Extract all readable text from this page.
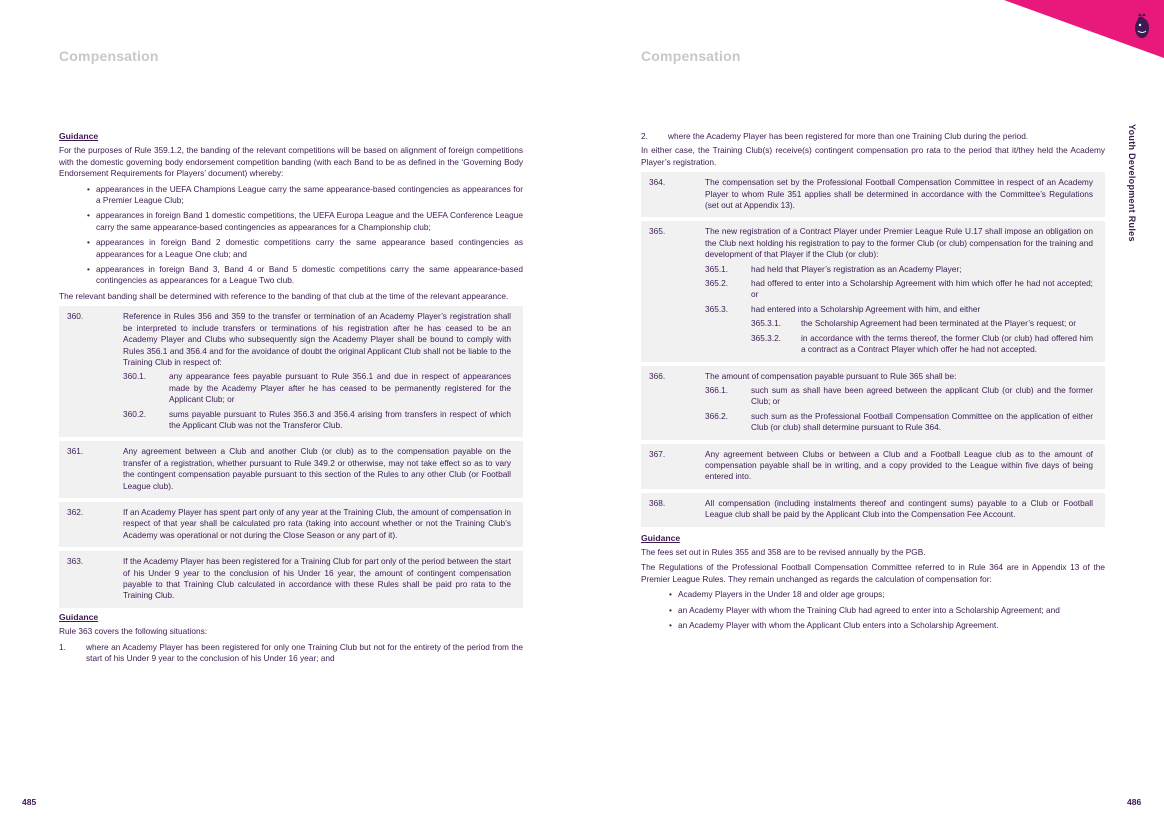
Compensation
Guidance
For the purposes of Rule 359.1.2, the banding of the relevant competitions will be based on alignment of foreign competitions with the domestic governing body endorsement competition banding (with each Band to be as defined in the ‘Governing Body Endorsement Requirements for Players’ document) whereby:
• appearances in the UEFA Champions League carry the same appearance-based contingencies as appearances for a Premier League Club;
• appearances in foreign Band 1 domestic competitions, the UEFA Europa League and the UEFA Conference League carry the same appearance-based contingencies as appearances for a Championship club;
• appearances in foreign Band 2 domestic competitions carry the same appearance based contingencies as appearances for a League One club; and
• appearances in foreign Band 3, Band 4 or Band 5 domestic competitions carry the same appearance-based contingencies as appearances for a League Two club.
The relevant banding shall be determined with reference to the banding of that club at the time of the relevant appearance.
360.	Reference in Rules 356 and 359 to the transfer or termination of an Academy Player’s registration shall be interpreted to include transfers or terminations of his registration after he has ceased to be an Academy Player and Clubs who subsequently sign the Academy Player shall be bound to comply with Rules 356.1 and 356.4 and for the avoidance of doubt the original Applicant Club shall not be liable to the Training Club in respect of:
360.1.	any appearance fees payable pursuant to Rule 356.1 and due in respect of appearances made by the Academy Player after he has ceased to be permanently registered for the Applicant Club; or
360.2.	sums payable pursuant to Rules 356.3 and 356.4 arising from transfers in respect of which the Applicant Club was not the Transferor Club.
361.	Any agreement between a Club and another Club (or club) as to the compensation payable on the transfer of a registration, whether pursuant to Rule 349.2 or otherwise, may not take effect so as to vary the contingent compensation payable pursuant to this section of the Rules to any other Club (or Football League club).
362.	If an Academy Player has spent part only of any year at the Training Club, the amount of compensation in respect of that year shall be calculated pro rata (taking into account whether or not the Training Club’s Academy was operational or not during the Close Season or any part of it).
363.	If the Academy Player has been registered for a Training Club for part only of the period between the start of his Under 9 year to the conclusion of his Under 16 year, the amount of contingent compensation payable to that Training Club calculated in accordance with these Rules shall be paid pro rata to the Training Club.
Guidance
Rule 363 covers the following situations:
1.	where an Academy Player has been registered for only one Training Club but not for the entirety of the period from the start of his Under 9 year to the conclusion of his Under 16 year; and
485
Compensation
2.	where the Academy Player has been registered for more than one Training Club during the period.
In either case, the Training Club(s) receive(s) contingent compensation pro rata to the period that it/they held the Academy Player’s registration.
364.	The compensation set by the Professional Football Compensation Committee in respect of an Academy Player to whom Rule 351 applies shall be determined in accordance with the Committee’s Regulations (set out at Appendix 13).
365.	The new registration of a Contract Player under Premier League Rule U.17 shall impose an obligation on the Club next holding his registration to pay to the former Club (or club) compensation for the training and development of that Player if the Club (or club):
365.1.	had held that Player’s registration as an Academy Player;
365.2.	had offered to enter into a Scholarship Agreement with him which offer he had not accepted; or
365.3.	had entered into a Scholarship Agreement with him, and either
365.3.1.	the Scholarship Agreement had been terminated at the Player’s request; or
365.3.2.	in accordance with the terms thereof, the former Club (or club) had offered him a contract as a Contract Player which offer he had not accepted.
366.	The amount of compensation payable pursuant to Rule 365 shall be:
366.1.	such sum as shall have been agreed between the applicant Club (or club) and the former Club; or
366.2.	such sum as the Professional Football Compensation Committee on the application of either Club (or club) shall determine pursuant to Rule 364.
367.	Any agreement between Clubs or between a Club and a Football League club as to the amount of compensation payable shall be in writing, and a copy provided to the League within five days of being entered into.
368.	All compensation (including instalments thereof and contingent sums) payable to a Club or Football League club shall be paid by the Applicant Club into the Compensation Fee Account.
Guidance
The fees set out in Rules 355 and 358 are to be revised annually by the PGB.
The Regulations of the Professional Football Compensation Committee referred to in Rule 364 are in Appendix 13 of the Premier League Rules. They remain unchanged as regards the calculation of compensation for:
• Academy Players in the Under 18 and older age groups;
• an Academy Player with whom the Training Club had agreed to enter into a Scholarship Agreement; and
• an Academy Player with whom the Applicant Club enters into a Scholarship Agreement.
486
Youth Development Rules
